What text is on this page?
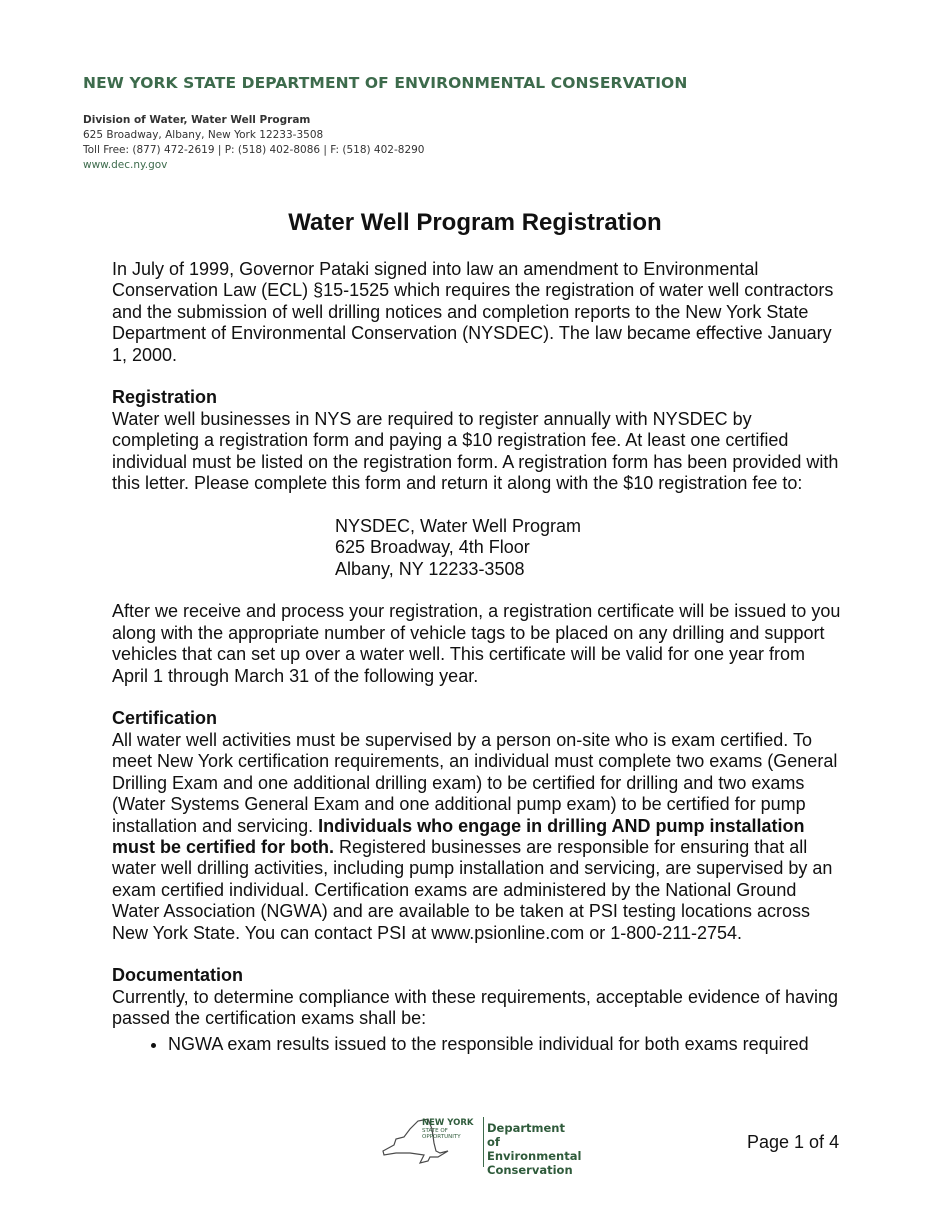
NEW YORK STATE DEPARTMENT OF ENVIRONMENTAL CONSERVATION
Division of Water, Water Well Program
625 Broadway, Albany, New York 12233-3508
Toll Free: (877) 472-2619 | P: (518) 402-8086 | F: (518) 402-8290
www.dec.ny.gov
Water Well Program Registration

In July of 1999, Governor Pataki signed into law an amendment to Environmental Conservation Law (ECL) §15-1525 which requires the registration of water well contractors and the submission of well drilling notices and completion reports to the New York State Department of Environmental Conservation (NYSDEC). The law became effective January 1, 2000.

Registration

Water well businesses in NYS are required to register annually with NYSDEC by completing a registration form and paying a $10 registration fee. At least one certified individual must be listed on the registration form. A registration form has been provided with this letter. Please complete this form and return it along with the $10 registration fee to:

NYSDEC, Water Well Program

625 Broadway, 4th Floor

Albany, NY 12233-3508

After we receive and process your registration, a registration certificate will be issued to you along with the appropriate number of vehicle tags to be placed on any drilling and support vehicles that can set up over a water well. This certificate will be valid for one year from April 1 through March 31 of the following year.

Certification

All water well activities must be supervised by a person on-site who is exam certified. To meet New York certification requirements, an individual must complete two exams (General Drilling Exam and one additional drilling exam) to be certified for drilling and two exams (Water Systems General Exam and one additional pump exam) to be certified for pump installation and servicing. Individuals who engage in drilling AND pump installation must be certified for both. Registered businesses are responsible for ensuring that all water well drilling activities, including pump installation and servicing, are supervised by an exam certified individual. Certification exams are administered by the National Ground Water Association (NGWA) and are available to be taken at PSI testing locations across New York State. You can contact PSI at www.psionline.com or 1-800-211-2754.

Documentation

Currently, to determine compliance with these requirements, acceptable evidence of having passed the certification exams shall be:

• NGWA exam results issued to the responsible individual for both exams required
NEW YORK
STATE OF
OPPORTUNITY
Department of
Environmental
Conservation
Page 1 of 4
